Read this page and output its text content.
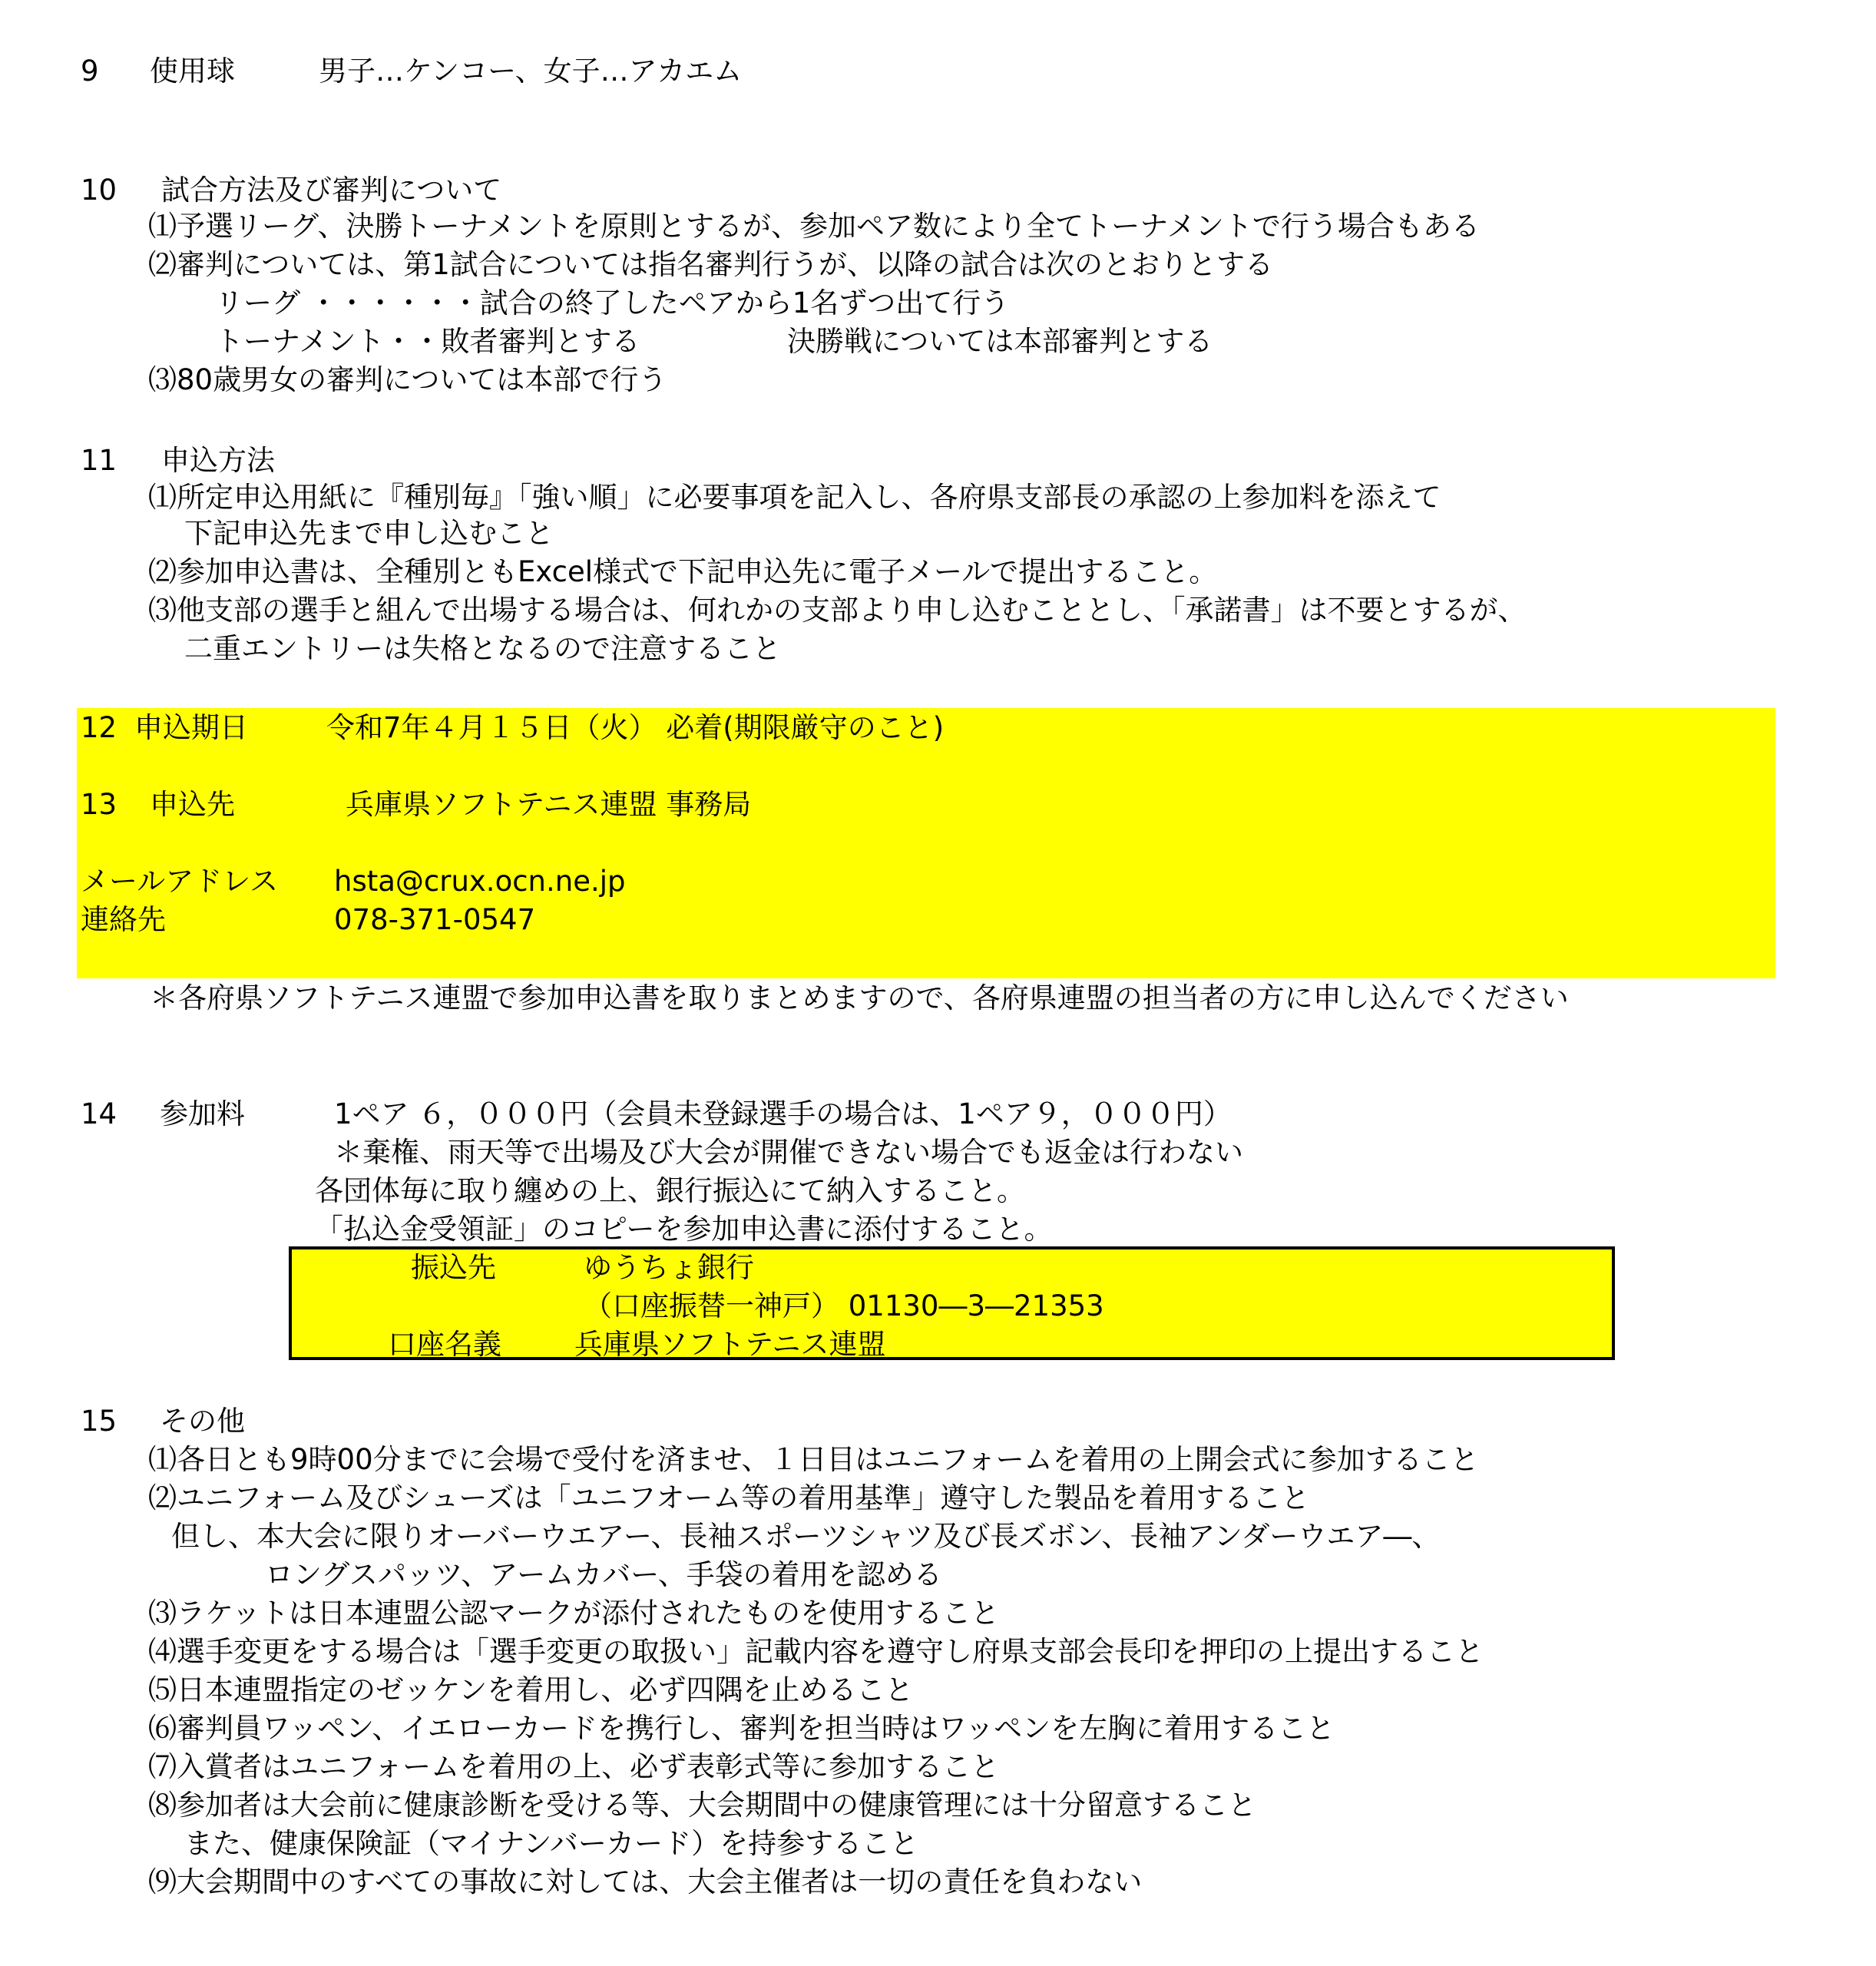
9 使用球	男子…ケンコー、女子…アカエム
10 試合方法及び審判について
⑴予選リーグ、決勝トーナメントを原則とするが、参加ペア数により全てトーナメントで行う場合もある
⑵審判については、第1試合については指名審判行うが、以降の試合は次のとおりとする
リーグ ・・・・・・試合の終了したペアから1名ずつ出て行う
トーナメント・・敗者審判とする	決勝戦については本部審判とする
⑶80歳男女の審判については本部で行う
11 申込方法
⑴所定申込用紙に『種別毎』「強い順」に必要事項を記入し、各府県支部長の承認の上参加料を添えて
下記申込先まで申し込むこと
⑵参加申込書は、全種別ともExcel様式で下記申込先に電子メールで提出すること。
⑶他支部の選手と組んで出場する場合は、何れかの支部より申し込むこととし、「承諾書」は不要とするが、
二重エントリーは失格となるので注意すること
12 申込期日	令和7年４月１５日（火） 必着(期限厳守のこと)
13 申込先	兵庫県ソフトテニス連盟 事務局
メールアドレス hsta@crux.ocn.ne.jp
連絡先	078-371-0547
＊各府県ソフトテニス連盟で参加申込書を取りまとめますので、各府県連盟の担当者の方に申し込んでください
14 参加料	1ペア ６，０００円（会員未登録選手の場合は、1ペア９，０００円）
＊棄権、雨天等で出場及び大会が開催できない場合でも返金は行わない
各団体毎に取り纏めの上、銀行振込にて納入すること。
「払込金受領証」のコピーを参加申込書に添付すること。
振込先	ゆうちょ銀行
（口座振替一神戸） 01130―3―21353
口座名義	兵庫県ソフトテニス連盟
15 その他
⑴各日とも9時00分までに会場で受付を済ませ、１日目はユニフォームを着用の上開会式に参加すること
⑵ユニフォーム及びシューズは「ユニフオーム等の着用基準」遵守した製品を着用すること
但し、本大会に限りオーバーウエアー、長袖スポーツシャツ及び長ズボン、長袖アンダーウエア―、
ロングスパッツ、アームカバー、手袋の着用を認める
⑶ラケットは日本連盟公認マークが添付されたものを使用すること
⑷選手変更をする場合は「選手変更の取扱い」記載内容を遵守し府県支部会長印を押印の上提出すること
⑸日本連盟指定のゼッケンを着用し、必ず四隅を止めること
⑹審判員ワッペン、イエローカードを携行し、審判を担当時はワッペンを左胸に着用すること
⑺入賞者はユニフォームを着用の上、必ず表彰式等に参加すること
⑻参加者は大会前に健康診断を受ける等、大会期間中の健康管理には十分留意すること
また、健康保険証（マイナンバーカード）を持参すること
⑼大会期間中のすべての事故に対しては、大会主催者は一切の責任を負わない
